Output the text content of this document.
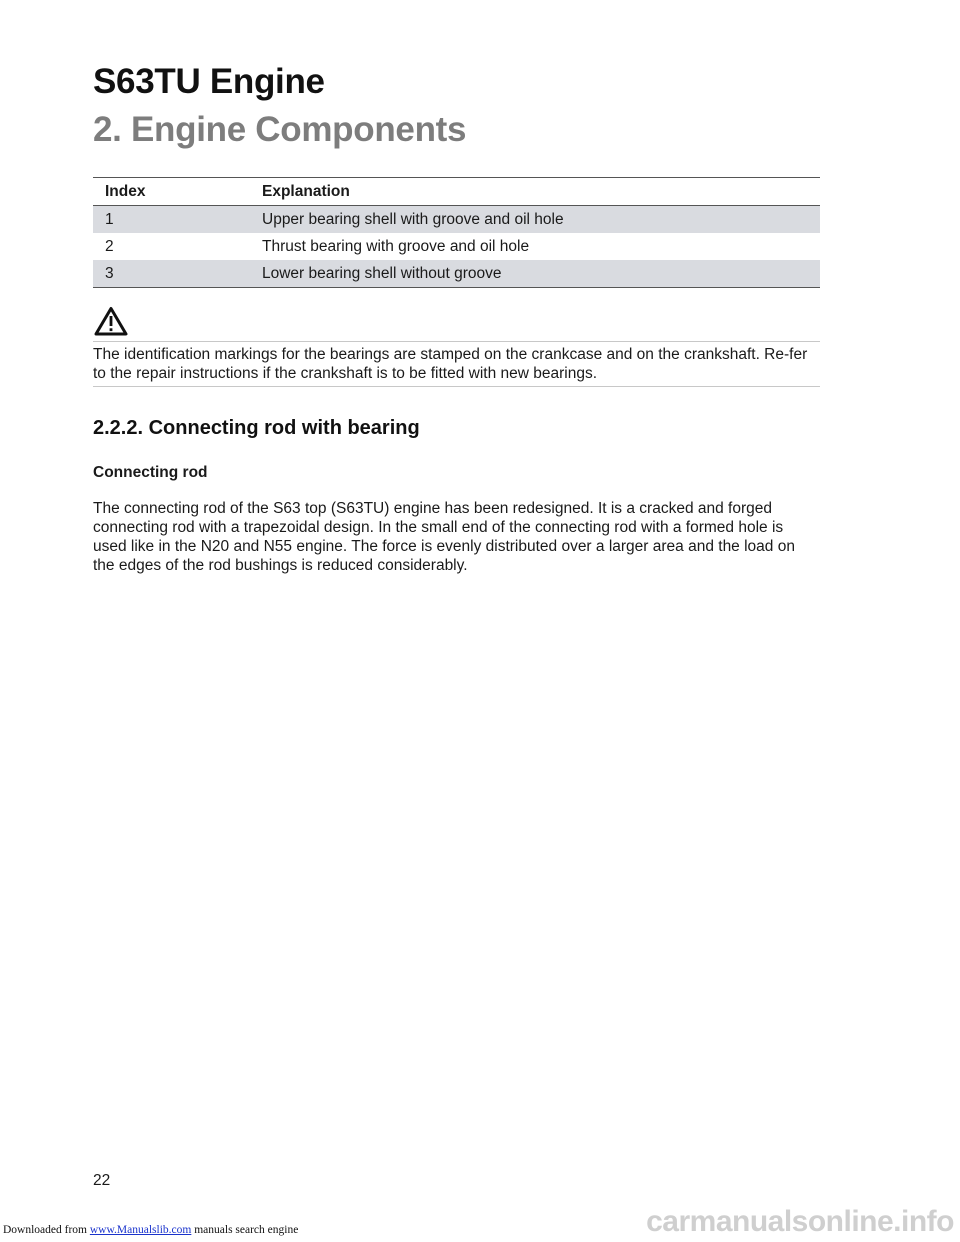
S63TU Engine
2. Engine Components
Index	Explanation
1	Upper bearing shell with groove and oil hole
2	Thrust bearing with groove and oil hole
3	Lower bearing shell without groove
The identification markings for the bearings are stamped on the crankcase and on the crankshaft. Re-fer to the repair instructions if the crankshaft is to be fitted with new bearings.
2.2.2. Connecting rod with bearing
Connecting rod
The connecting rod of the S63 top (S63TU) engine has been redesigned. It is a cracked and forged connecting rod with a trapezoidal design. In the small end of the connecting rod with a formed hole is used like in the N20 and N55 engine. The force is evenly distributed over a larger area and the load on the edges of the rod bushings is reduced considerably.
22
Downloaded from www.Manualslib.com manuals search engine	carmanualsonline.info
